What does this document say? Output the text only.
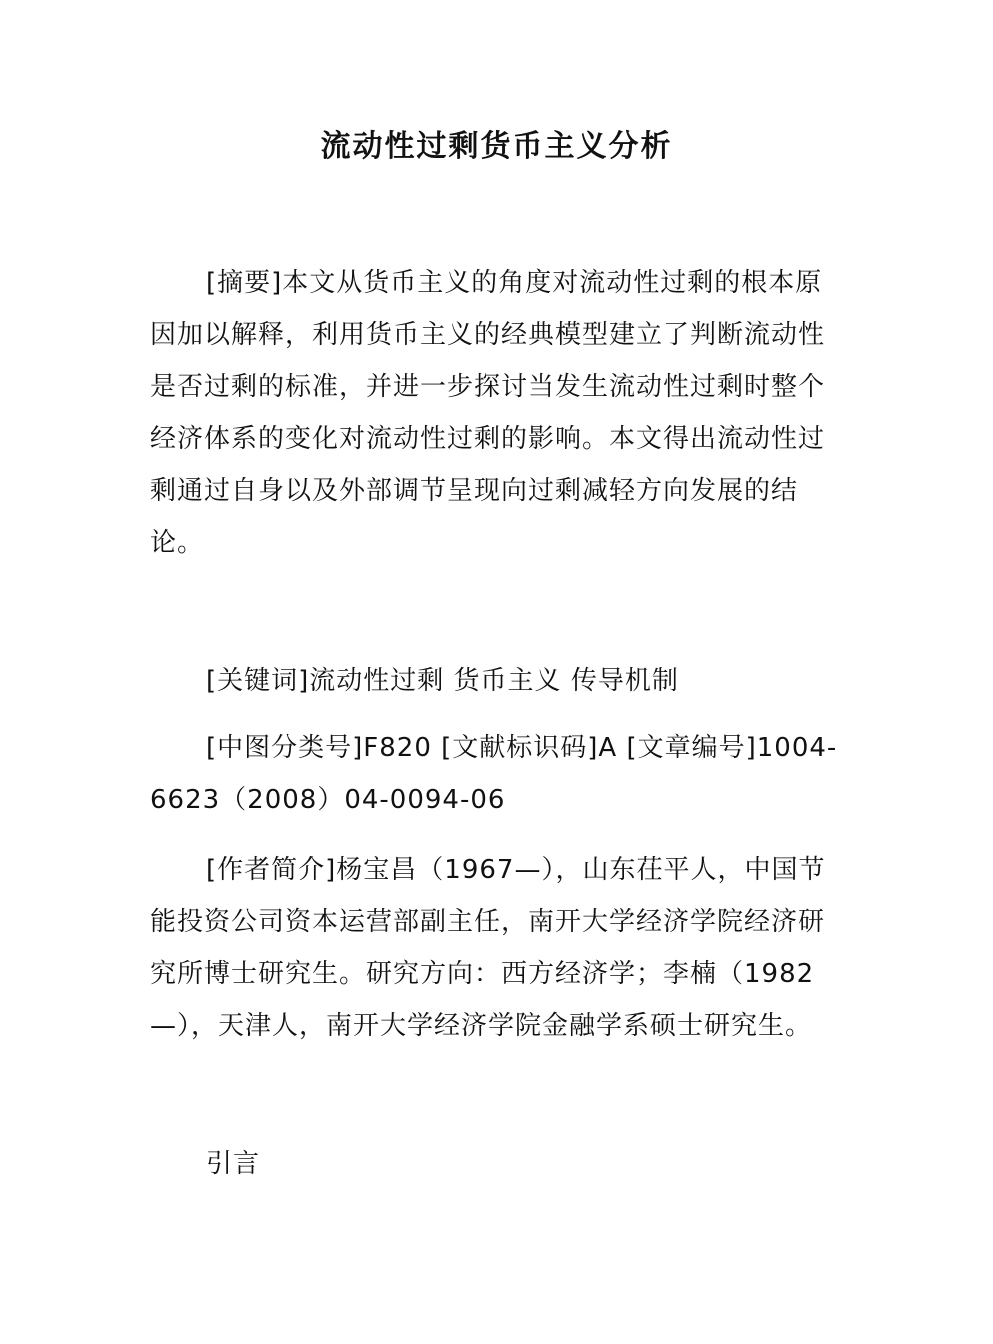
流动性过剩货币主义分析

[摘要]本文从货币主义的角度对流动性过剩的根本原因加以解释，利用货币主义的经典模型建立了判断流动性是否过剩的标准，并进一步探讨当发生流动性过剩时整个经济体系的变化对流动性过剩的影响。本文得出流动性过剩通过自身以及外部调节呈现向过剩减轻方向发展的结论。

[关键词]流动性过剩 货币主义 传导机制

[中图分类号]F820 [文献标识码]A [文章编号]1004-6623（2008）04-0094-06

[作者简介]杨宝昌（1967—），山东茌平人，中国节能投资公司资本运营部副主任，南开大学经济学院经济研究所博士研究生。研究方向：西方经济学；李楠（1982—），天津人，南开大学经济学院金融学系硕士研究生。

引言
